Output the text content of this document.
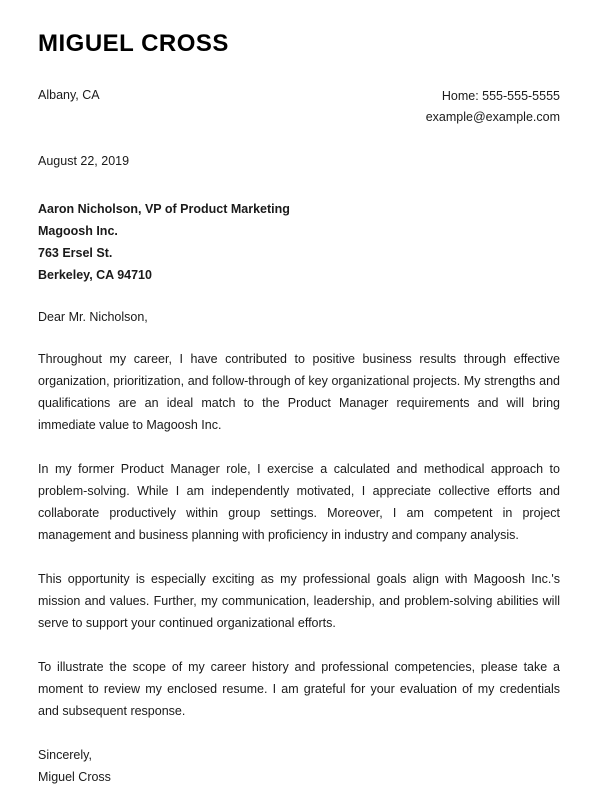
MIGUEL CROSS
Albany, CA	Home: 555-555-5555
example@example.com
August 22, 2019
Aaron Nicholson, VP of Product Marketing
Magoosh Inc.
763 Ersel St.
Berkeley, CA 94710
Dear Mr. Nicholson,
Throughout my career, I have contributed to positive business results through effective organization, prioritization, and follow-through of key organizational projects. My strengths and qualifications are an ideal match to the Product Manager requirements and will bring immediate value to Magoosh Inc.
In my former Product Manager role, I exercise a calculated and methodical approach to problem-solving. While I am independently motivated, I appreciate collective efforts and collaborate productively within group settings. Moreover, I am competent in project management and business planning with proficiency in industry and company analysis.
This opportunity is especially exciting as my professional goals align with Magoosh Inc.'s mission and values. Further, my communication, leadership, and problem-solving abilities will serve to support your continued organizational efforts.
To illustrate the scope of my career history and professional competencies, please take a moment to review my enclosed resume. I am grateful for your evaluation of my credentials and subsequent response.
Sincerely,
Miguel Cross
